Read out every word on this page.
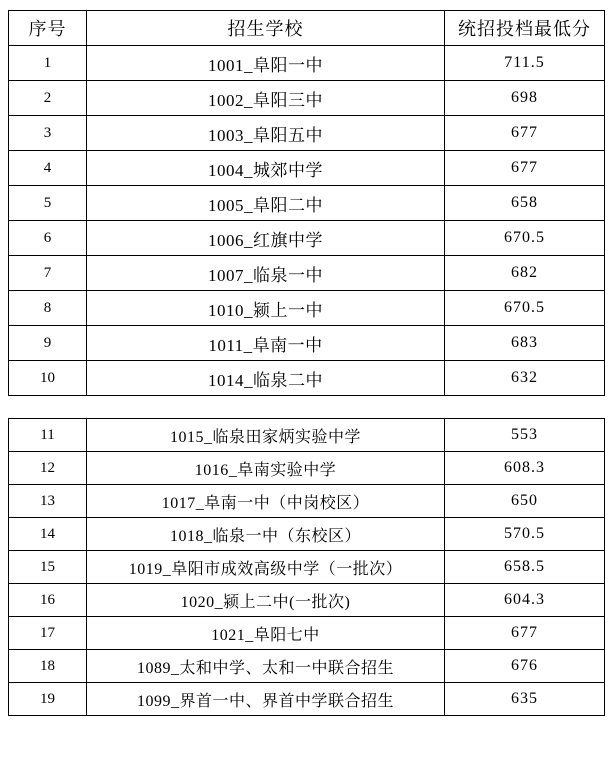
序号	招生学校	统招投档最低分
1	1001_阜阳一中	711.5
2	1002_阜阳三中	698
3	1003_阜阳五中	677
4	1004_城郊中学	677
5	1005_阜阳二中	658
6	1006_红旗中学	670.5
7	1007_临泉一中	682
8	1010_颍上一中	670.5
9	1011_阜南一中	683
10	1014_临泉二中	632
11	1015_临泉田家炳实验中学	553
12	1016_阜南实验中学	608.3
13	1017_阜南一中（中岗校区）	650
14	1018_临泉一中（东校区）	570.5
15	1019_阜阳市成效高级中学（一批次）	658.5
16	1020_颍上二中(一批次)	604.3
17	1021_阜阳七中	677
18	1089_太和中学、太和一中联合招生	676
19	1099_界首一中、界首中学联合招生	635
